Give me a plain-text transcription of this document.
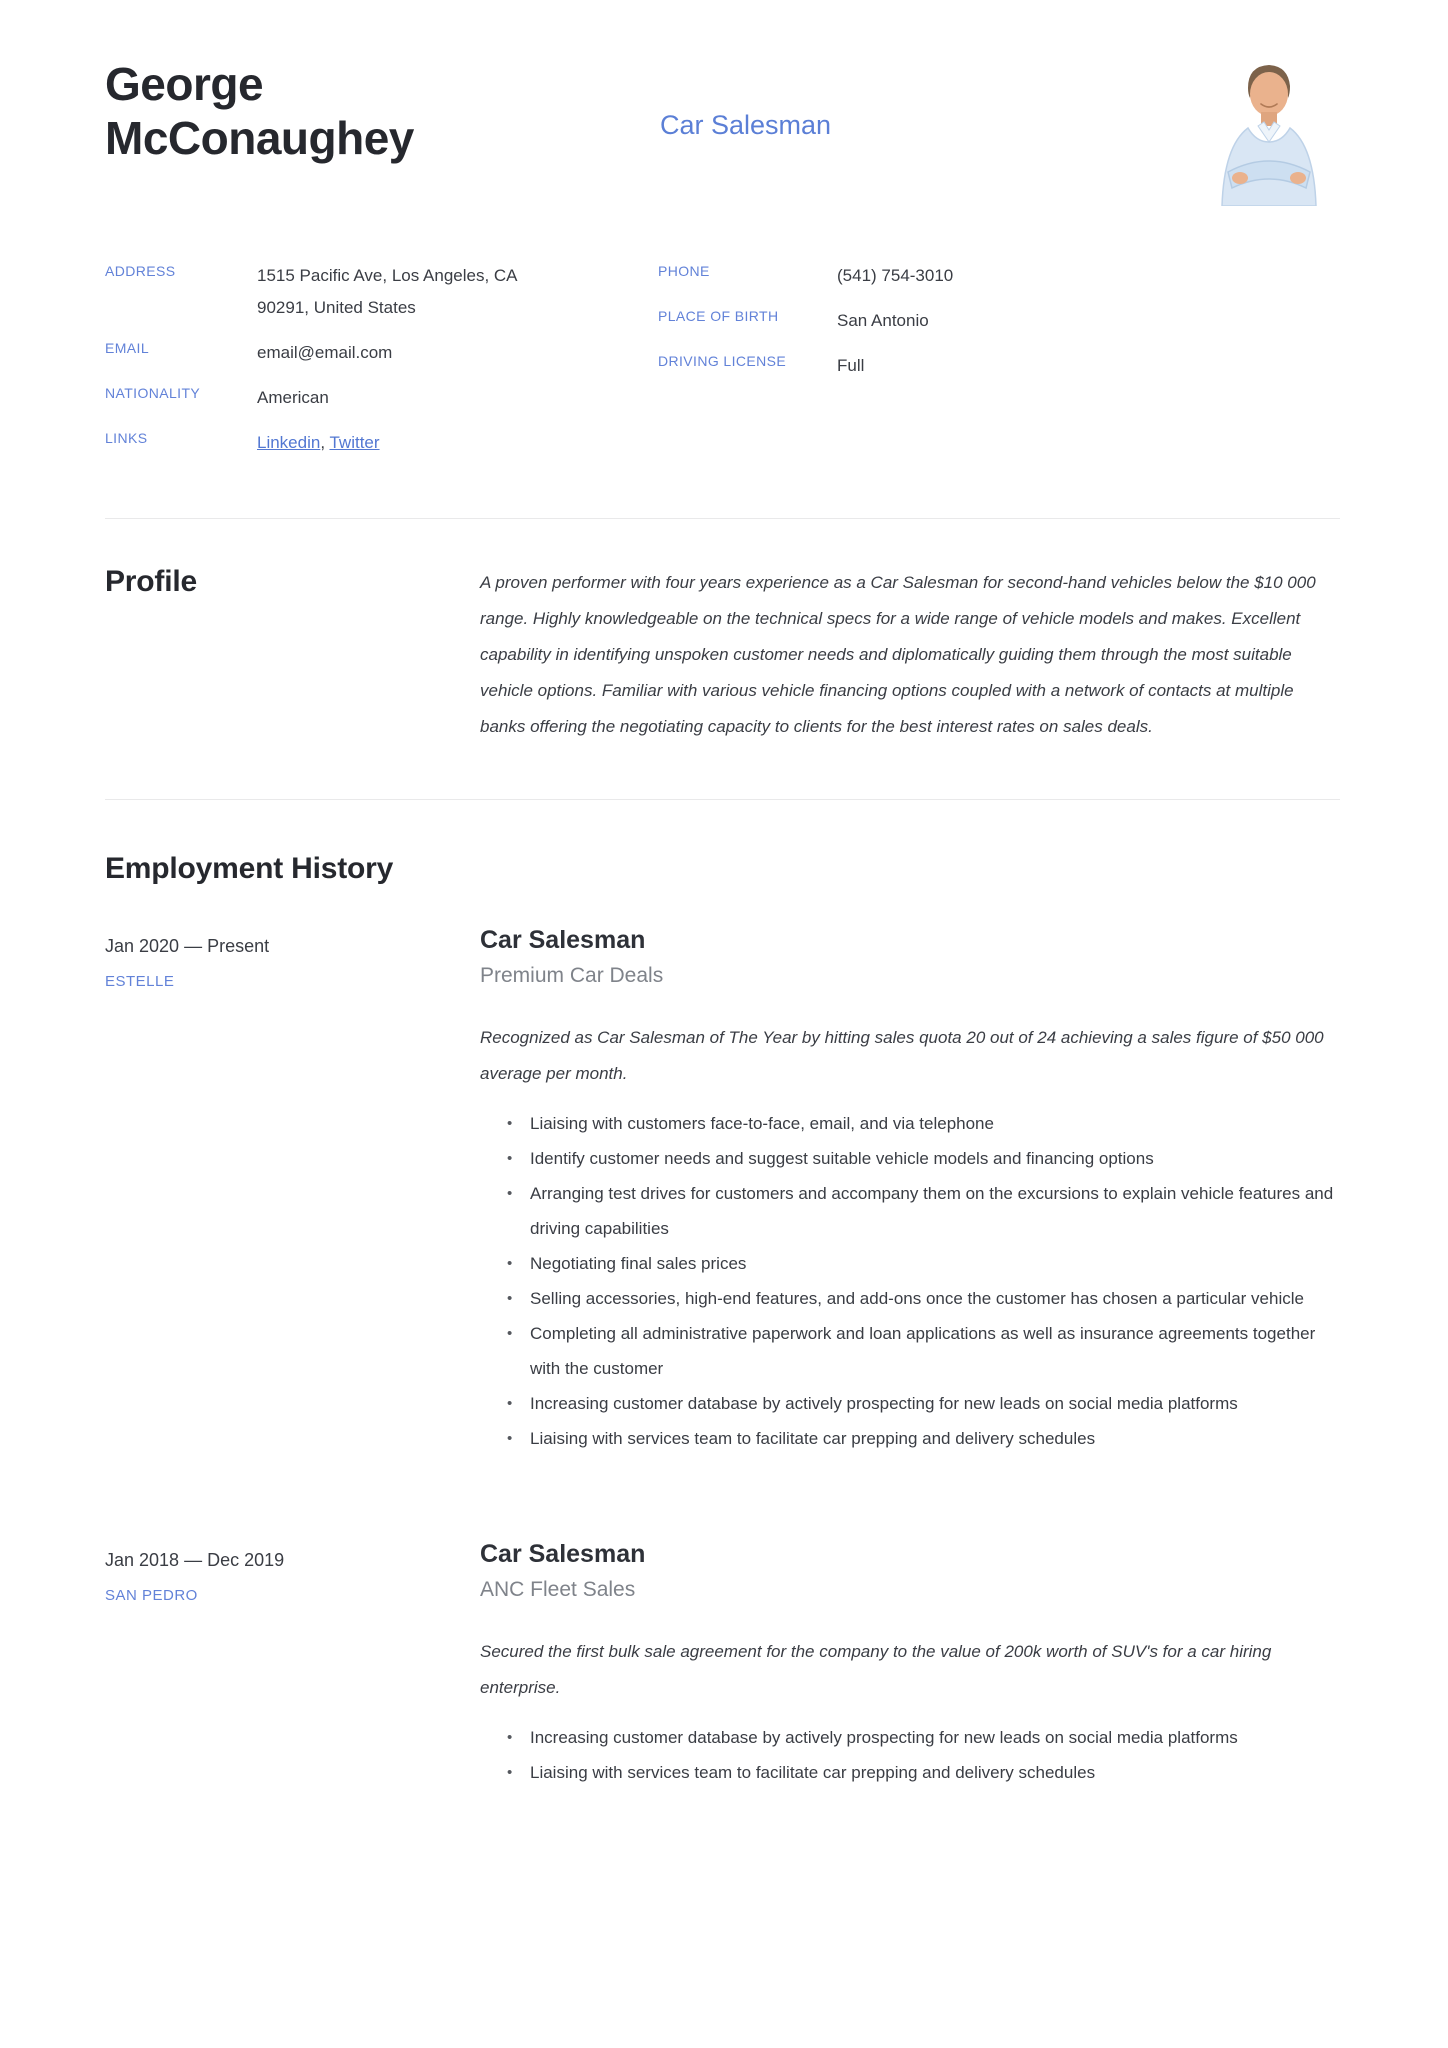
George McConaughey	Car Salesman
ADDRESS	1515 Pacific Ave, Los Angeles, CA 90291, United States
EMAIL	email@email.com
NATIONALITY	American
LINKS	Linkedin, Twitter
PHONE	(541) 754-3010
PLACE OF BIRTH	San Antonio
DRIVING LICENSE	Full
Profile	A proven performer with four years experience as a Car Salesman for second-hand vehicles below the $10 000 range. Highly knowledgeable on the technical specs for a wide range of vehicle models and makes. Excellent capability in identifying unspoken customer needs and diplomatically guiding them through the most suitable vehicle options. Familiar with various vehicle financing options coupled with a network of contacts at multiple banks offering the negotiating capacity to clients for the best interest rates on sales deals.

Employment History
Jan 2020 — Present
ESTELLE
Car Salesman
Premium Car Deals

Recognized as Car Salesman of The Year by hitting sales quota 20 out of 24 achieving a sales figure of $50 000 average per month.

• Liaising with customers face-to-face, email, and via telephone
• Identify customer needs and suggest suitable vehicle models and financing options
• Arranging test drives for customers and accompany them on the excursions to explain vehicle features and driving capabilities
• Negotiating final sales prices
• Selling accessories, high-end features, and add-ons once the customer has chosen a particular vehicle
• Completing all administrative paperwork and loan applications as well as insurance agreements together with the customer
• Increasing customer database by actively prospecting for new leads on social media platforms
• Liaising with services team to facilitate car prepping and delivery schedules
Jan 2018 — Dec 2019
SAN PEDRO
Car Salesman
ANC Fleet Sales

Secured the first bulk sale agreement for the company to the value of 200k worth of SUV's for a car hiring enterprise.

• Increasing customer database by actively prospecting for new leads on social media platforms
• Liaising with services team to facilitate car prepping and delivery schedules
